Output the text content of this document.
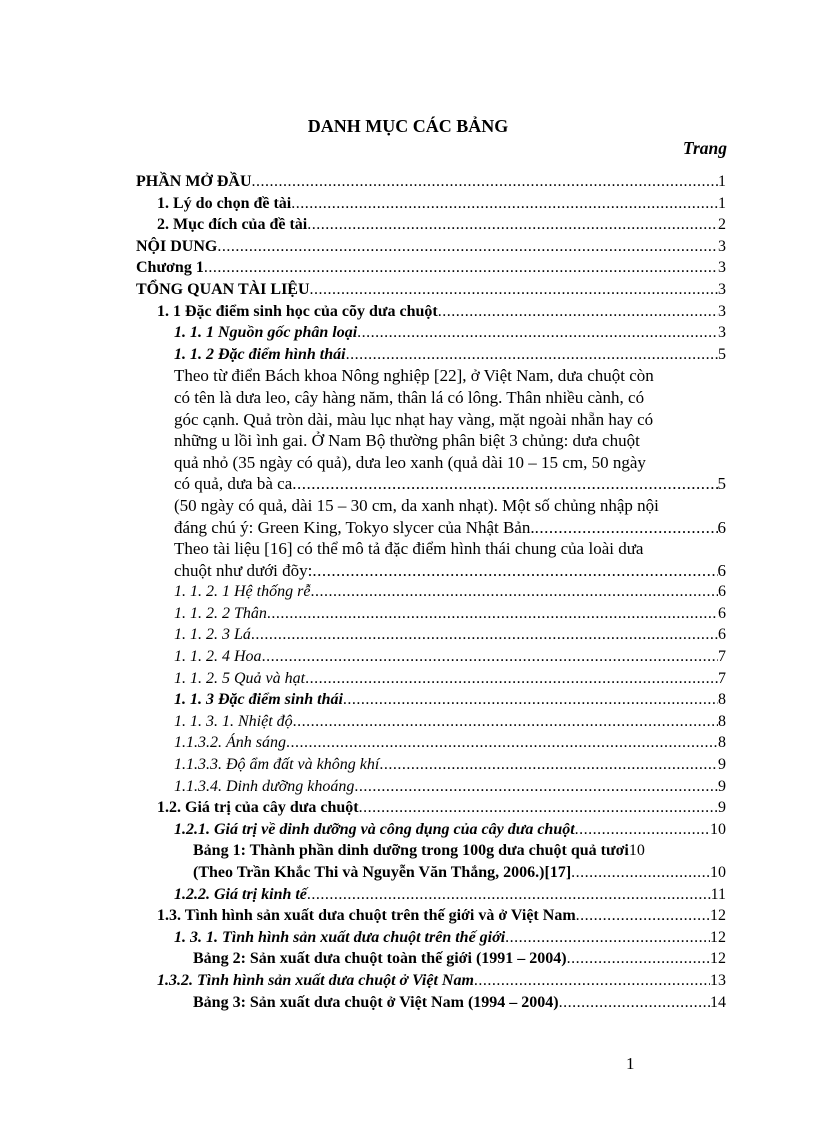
DANH MỤC CÁC BẢNG
Trang
PHẦN MỞ ĐẦU .....	1
1. Lý do chọn đề tài .....	1
2. Mục đích của đề tài .....	2
NỘI DUNG .....	3
Chương 1 .....	3
TỔNG QUAN TÀI LIỆU .....	3
1. 1 Đặc điểm sinh học của cõy dưa chuột .....	3
1. 1. 1 Nguồn gốc phân loại .....	3
1. 1. 2 Đặc điểm hình thái .....	5
Theo từ điển Bách khoa Nông nghiệp [22], ở Việt Nam, dưa chuột còn
có tên là dưa leo, cây hàng năm, thân lá có lông. Thân nhiều cành, có
góc cạnh. Quả tròn dài, màu lục nhạt hay vàng, mặt ngoài nhẵn hay có
những u lồi ình gai. Ở Nam Bộ thường phân biệt 3 chủng: dưa chuột
quả nhỏ (35 ngày có quả), dưa leo xanh (quả dài 10 – 15 cm, 50 ngày
có quả, dưa bà ca .....	5
(50 ngày có quả, dài 15 – 30 cm, da xanh nhạt). Một số chủng nhập nội
đáng chú ý: Green King, Tokyo slycer của Nhật Bản. .....	6
Theo tài liệu [16] có thể mô tả đặc điểm hình thái chung của loài dưa
chuột như dưới đõy: .....	6
1. 1. 2. 1 Hệ thống rễ .....	6
1. 1. 2. 2 Thân .....	6
1. 1. 2. 3 Lá .....	6
1. 1. 2. 4 Hoa .....	7
1. 1. 2. 5 Quả và hạt .....	7
1. 1. 3 Đặc điểm sinh thái .....	8
1. 1. 3. 1. Nhiệt độ .....	8
1.1.3.2. Ánh sáng .....	8
1.1.3.3. Độ ẩm đất và không khí .....	9
1.1.3.4. Dinh dưỡng khoáng .....	9
1.2. Giá trị của cây dưa chuột .....	9
1.2.1. Giá trị về dinh dưỡng và công dụng của cây dưa chuột .....	10
Bảng 1: Thành phần dinh dưỡng trong 100g dưa chuột quả tươi 10
(Theo Trần Khắc Thi và Nguyễn Văn Thắng, 2006.)[17] .....	10
1.2.2. Giá trị kinh tế .....	11
1.3. Tình hình sản xuất dưa chuột trên thế giới và ở Việt Nam .....	12
1. 3. 1. Tình hình sản xuất dưa chuột trên thế giới .....	12
Bảng 2: Sản xuất dưa chuột toàn thế giới (1991 – 2004) .....	12
1.3.2. Tình hình sản xuất dưa chuột ở Việt Nam .....	13
Bảng 3: Sản xuất dưa chuột ở Việt Nam (1994 – 2004) .....	14
1
